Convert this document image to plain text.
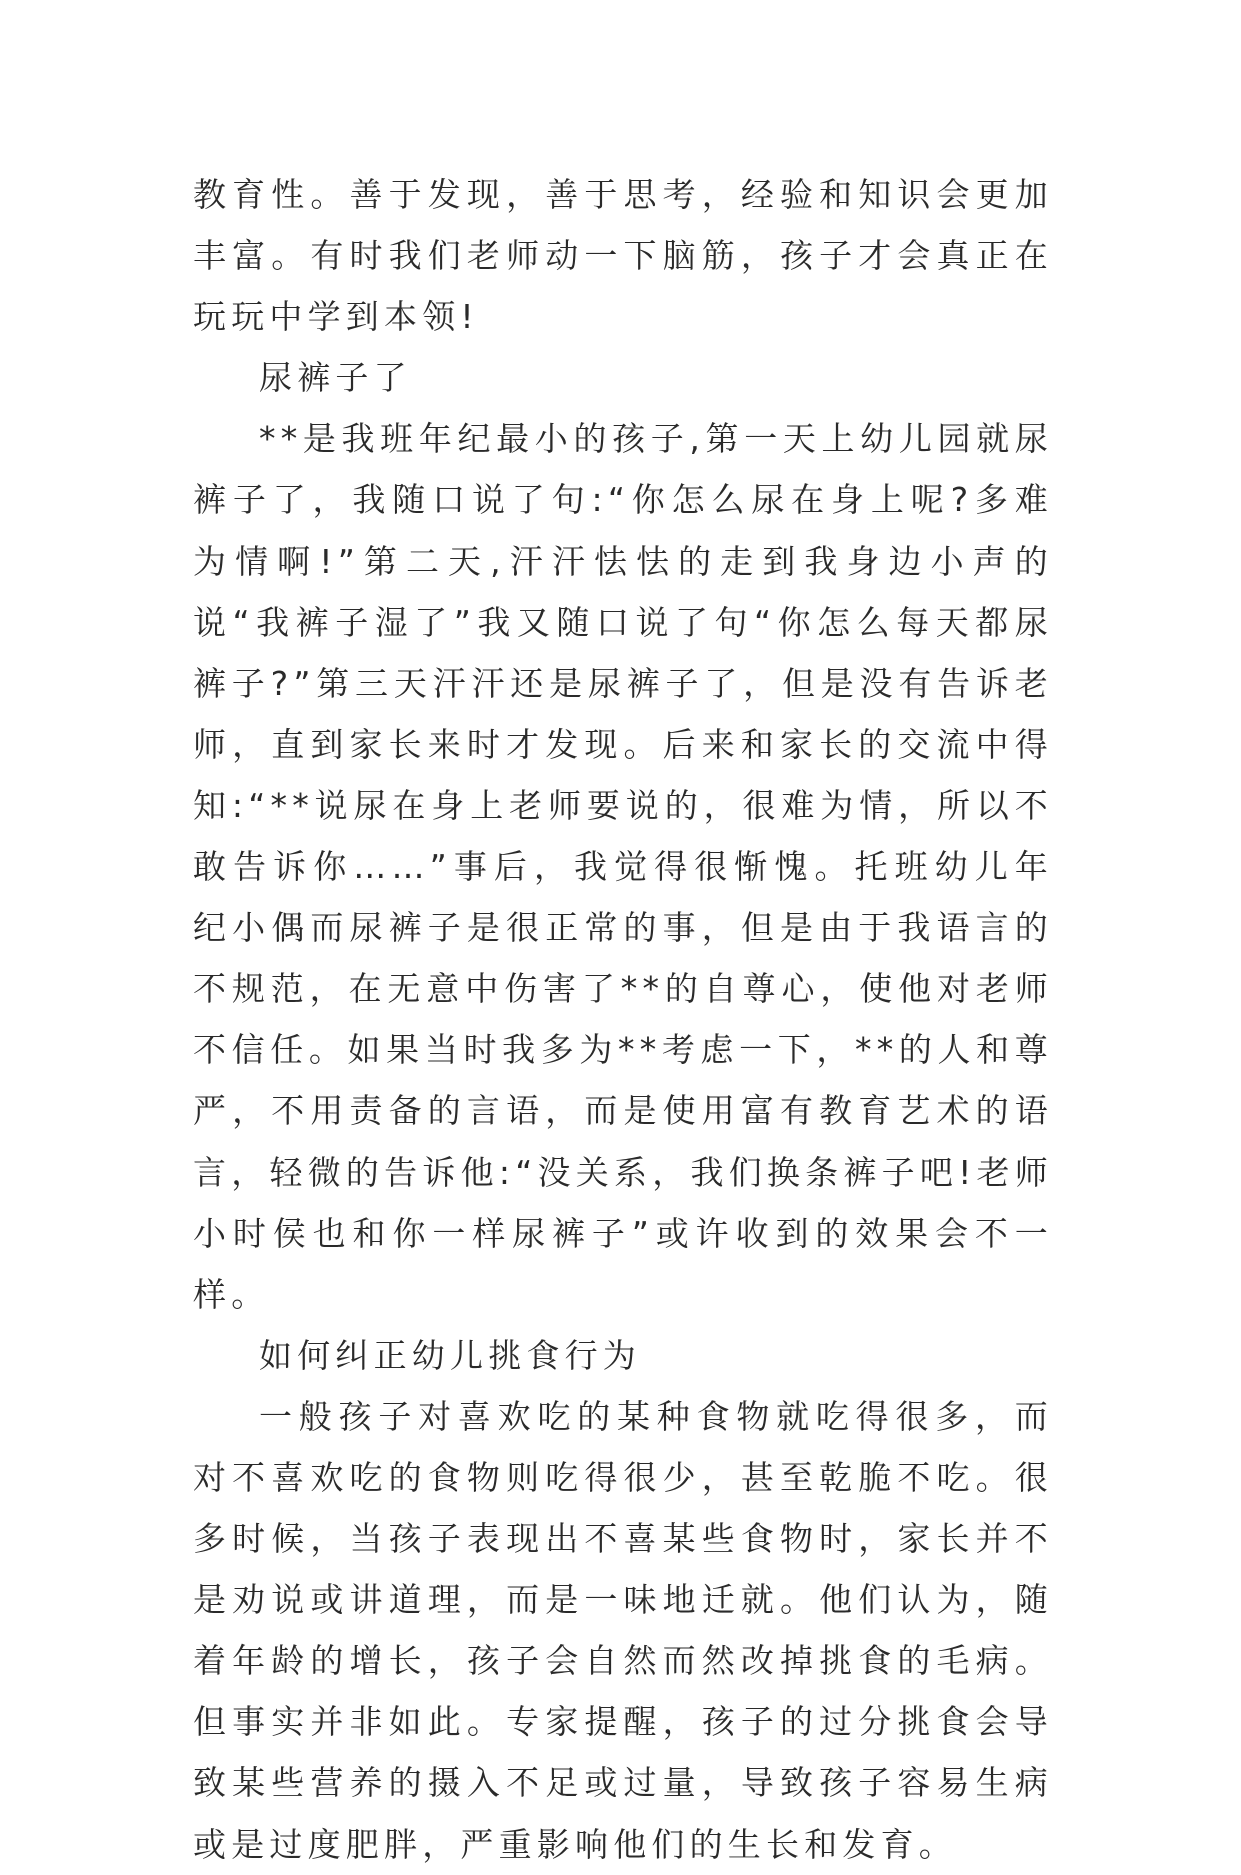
教育性。善于发现，善于思考，经验和知识会更加丰富。有时我们老师动一下脑筋，孩子才会真正在玩玩中学到本领!

尿裤子了

**是我班年纪最小的孩子,第一天上幼儿园就尿裤子了，我随口说了句:“你怎么尿在身上呢?多难为情啊!”第二天,汗汗怯怯的走到我身边小声的说“我裤子湿了”我又随口说了句“你怎么每天都尿裤子?”第三天汗汗还是尿裤子了，但是没有告诉老师，直到家长来时才发现。后来和家长的交流中得知:“**说尿在身上老师要说的，很难为情，所以不敢告诉你……”事后，我觉得很惭愧。托班幼儿年纪小偶而尿裤子是很正常的事，但是由于我语言的不规范，在无意中伤害了**的自尊心，使他对老师不信任。如果当时我多为**考虑一下，**的人和尊严，不用责备的言语，而是使用富有教育艺术的语言，轻微的告诉他:“没关系，我们换条裤子吧!老师小时侯也和你一样尿裤子”或许收到的效果会不一样。

如何纠正幼儿挑食行为

一般孩子对喜欢吃的某种食物就吃得很多，而对不喜欢吃的食物则吃得很少，甚至乾脆不吃。很多时候，当孩子表现出不喜某些食物时，家长并不是劝说或讲道理，而是一味地迁就。他们认为，随着年龄的增长，孩子会自然而然改掉挑食的毛病。但事实并非如此。专家提醒，孩子的过分挑食会导致某些营养的摄入不足或过量，导致孩子容易生病或是过度肥胖，严重影响他们的生长和发育。
